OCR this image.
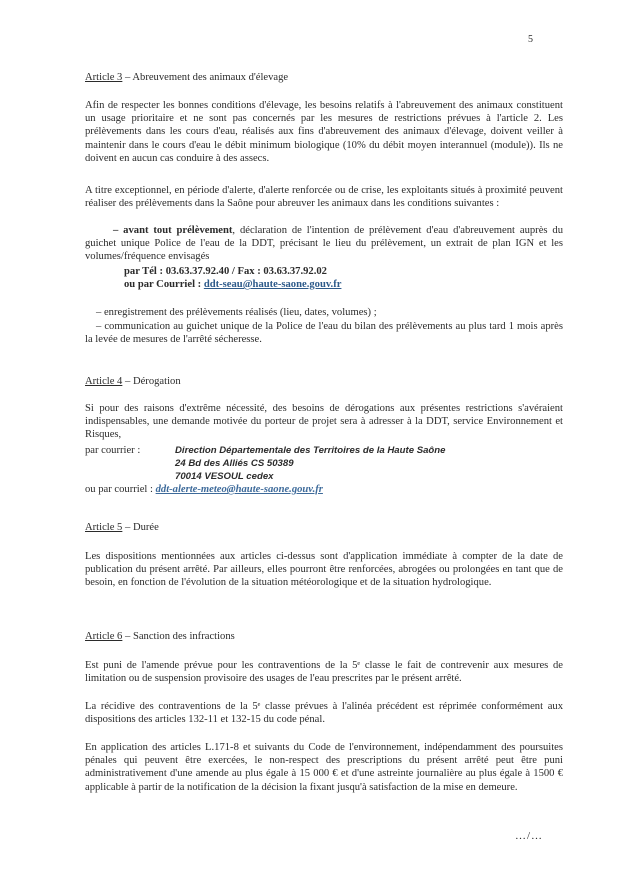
5
Article 3 – Abreuvement des animaux d'élevage
Afin de respecter les bonnes conditions d'élevage, les besoins relatifs à l'abreuvement des animaux constituent un usage prioritaire et ne sont pas concernés par les mesures de restrictions prévues à l'article 2. Les prélèvements dans les cours d'eau, réalisés aux fins d'abreuvement des animaux d'élevage, doivent veiller à maintenir dans le cours d'eau le débit minimum biologique (10% du débit moyen interannuel (module)). Ils ne doivent en aucun cas conduire à des assecs.
A titre exceptionnel, en période d'alerte, d'alerte renforcée ou de crise, les exploitants situés à proximité peuvent réaliser des prélèvements dans la Saône pour abreuver les animaux dans les conditions suivantes :
– avant tout prélèvement, déclaration de l'intention de prélèvement d'eau d'abreuvement auprès du guichet unique Police de l'eau de la DDT, précisant le lieu du prélèvement, un extrait de plan IGN et les volumes/fréquence envisagés
par Tél : 03.63.37.92.40 / Fax : 03.63.37.92.02
ou par Courriel : ddt-seau@haute-saone.gouv.fr
– enregistrement des prélèvements réalisés (lieu, dates, volumes) ;
– communication au guichet unique de la Police de l'eau du bilan des prélèvements au plus tard 1 mois après la levée de mesures de l'arrêté sécheresse.
Article 4 – Dérogation
Si pour des raisons d'extrême nécessité, des besoins de dérogations aux présentes restrictions s'avéraient indispensables, une demande motivée du porteur de projet sera à adresser à la DDT, service Environnement et Risques,
par courrier :	Direction Départementale des Territoires de la Haute Saône
24 Bd des Alliés CS 50389
70014 VESOUL cedex
ou par courriel : ddt-alerte-meteo@haute-saone.gouv.fr
Article 5 – Durée
Les dispositions mentionnées aux articles ci-dessus sont d'application immédiate à compter de la date de publication du présent arrêté. Par ailleurs, elles pourront être renforcées, abrogées ou prolongées en tant que de besoin, en fonction de l'évolution de la situation météorologique et de la situation hydrologique.
Article 6 – Sanction des infractions
Est puni de l'amende prévue pour les contraventions de la 5ᵉ classe le fait de contrevenir aux mesures de limitation ou de suspension provisoire des usages de l'eau prescrites par le présent arrêté.
La récidive des contraventions de la 5ᵉ classe prévues à l'alinéa précédent est réprimée conformément aux dispositions des articles 132-11 et 132-15 du code pénal.
En application des articles L.171-8 et suivants du Code de l'environnement, indépendamment des poursuites pénales qui peuvent être exercées, le non-respect des prescriptions du présent arrêté peut être puni administrativement d'une amende au plus égale à 15 000 € et d'une astreinte journalière au plus égale à 1500 € applicable à partir de la notification de la décision la fixant jusqu'à satisfaction de la mise en demeure.
…/…
